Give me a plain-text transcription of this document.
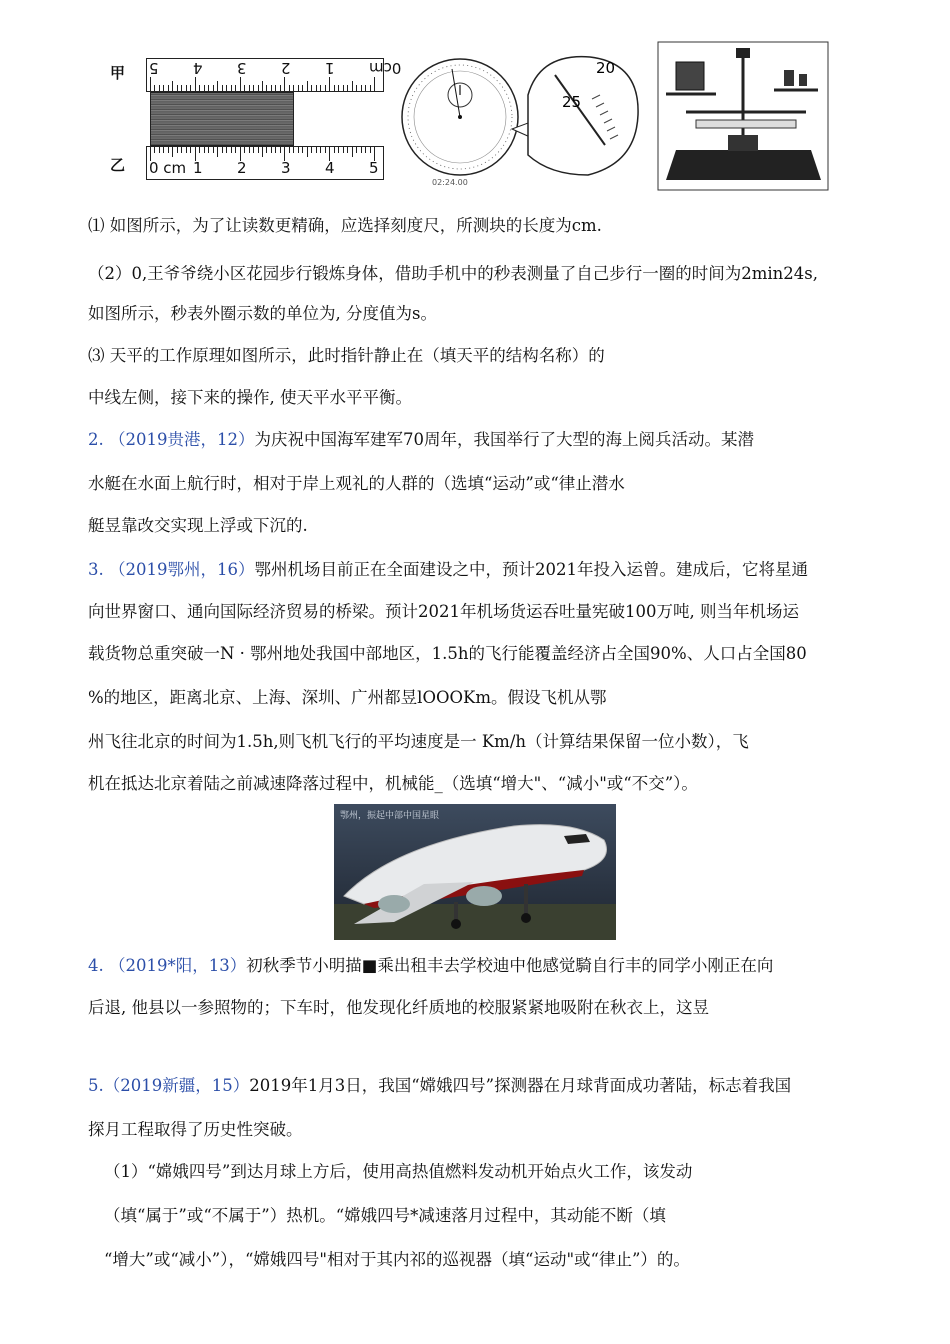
甲
乙
5 4 3 2 1 0cm
0 cm 1 2 3 4 5
20
25
02:24.00
⑴ 如图所示，为了让读数更精确，应选择刻度尺，所测块的长度为cm.
（2）0,王爷爷绕小区花园步行锻炼身体，借助手机中的秒表测量了自己步行一圈的时间为2min24s,
如图所示，秒表外圈示数的单位为, 分度值为s。
⑶ 天平的工作原理如图所示，此时指针静止在（填天平的结构名称）的
中线左侧，接下来的操作, 使天平水平平衡。
2. （2019贵港，12）为庆祝中国海军建军70周年，我国举行了大型的海上阅兵活动。某潜
水艇在水面上航行时，相对于岸上观礼的人群的（选填“运动”或“律止潜水
艇昱靠改交实现上浮或下沉的.
3. （2019鄂州，16）鄂州机场目前正在全面建设之中，预计2021年投入运曾。建成后，它将星通
向世界窗口、通向国际经济贸易的桥梁。预计2021年机场货运吞吐量宪破100万吨, 则当年机场运
载货物总重突破一N · 鄂州地处我国中部地区，1.5h的飞行能覆盖经济占全国90%、人口占全国80
%的地区，距离北京、上海、深圳、广州都昱lOOOKm。假设飞机从鄂
州飞往北京的时间为1.5h,则飞机飞行的平均速度是一 Km/h（计算结果保留一位小数），飞
机在抵达北京着陆之前减速降落过程中，机械能_（选填“增大"、“减小"或“不交”）。
鄂州，振起中部中国星眼
4. （2019*阳，13）初秋季节小明描■乘出租丰去学校迪中他感觉騎自行丰的同学小刚正在向
后退, 他县以一参照物的；下车时，他发现化纤质地的校服紧紧地吸附在秋衣上，这昱
5.（2019新疆，15）2019年1月3日，我国“嫦娥四号”探测器在月球背面成功著陆，标志着我国
探月工程取得了历史性突破。
（1）“嫦娥四号”到达月球上方后，使用高热值燃料发动机开始点火工作，该发动
（填“属于”或“不属于”）热机。“嫦娥四号*减速落月过程中，其动能不断（填
“增大”或“减小”），“嫦娥四号"相对于其内祁的巡视器（填“运动"或“律止”）的。
